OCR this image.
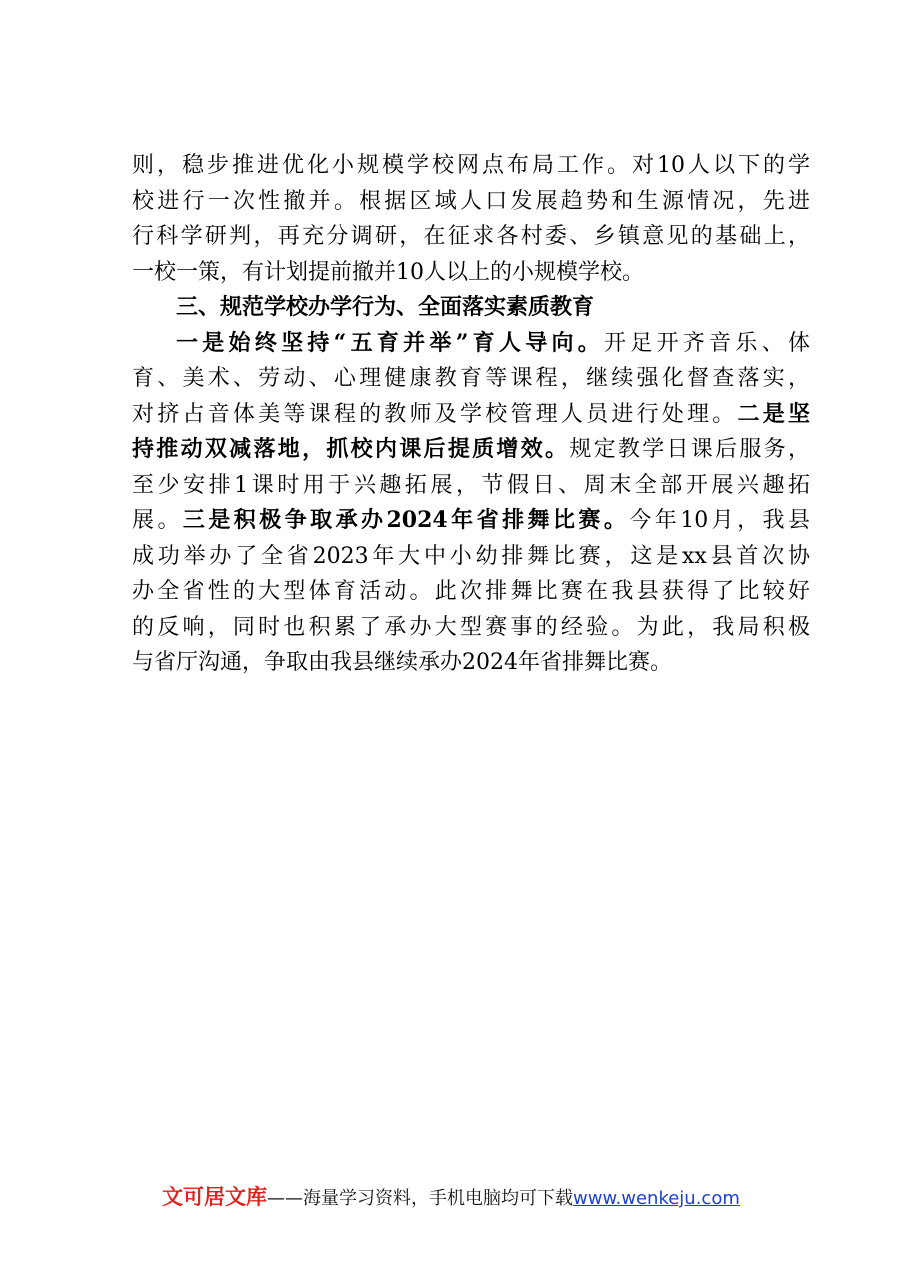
则，稳步推进优化小规模学校网点布局工作。对10人以下的学
校进行一次性撤并。根据区域人口发展趋势和生源情况，先进
行科学研判，再充分调研，在征求各村委、乡镇意见的基础上，
一校一策，有计划提前撤并10人以上的小规模学校。
三、规范学校办学行为、全面落实素质教育
一是始终坚持“五育并举”育人导向。开足开齐音乐、体
育、美术、劳动、心理健康教育等课程，继续强化督查落实，
对挤占音体美等课程的教师及学校管理人员进行处理。二是坚
持推动双减落地，抓校内课后提质增效。规定教学日课后服务，
至少安排1课时用于兴趣拓展，节假日、周末全部开展兴趣拓
展。三是积极争取承办2024年省排舞比赛。今年10月，我县
成功举办了全省2023年大中小幼排舞比赛，这是xx县首次协
办全省性的大型体育活动。此次排舞比赛在我县获得了比较好
的反响，同时也积累了承办大型赛事的经验。为此，我局积极
与省厅沟通，争取由我县继续承办2024年省排舞比赛。
文可居文库——海量学习资料，手机电脑均可下载www.wenkeju.com
